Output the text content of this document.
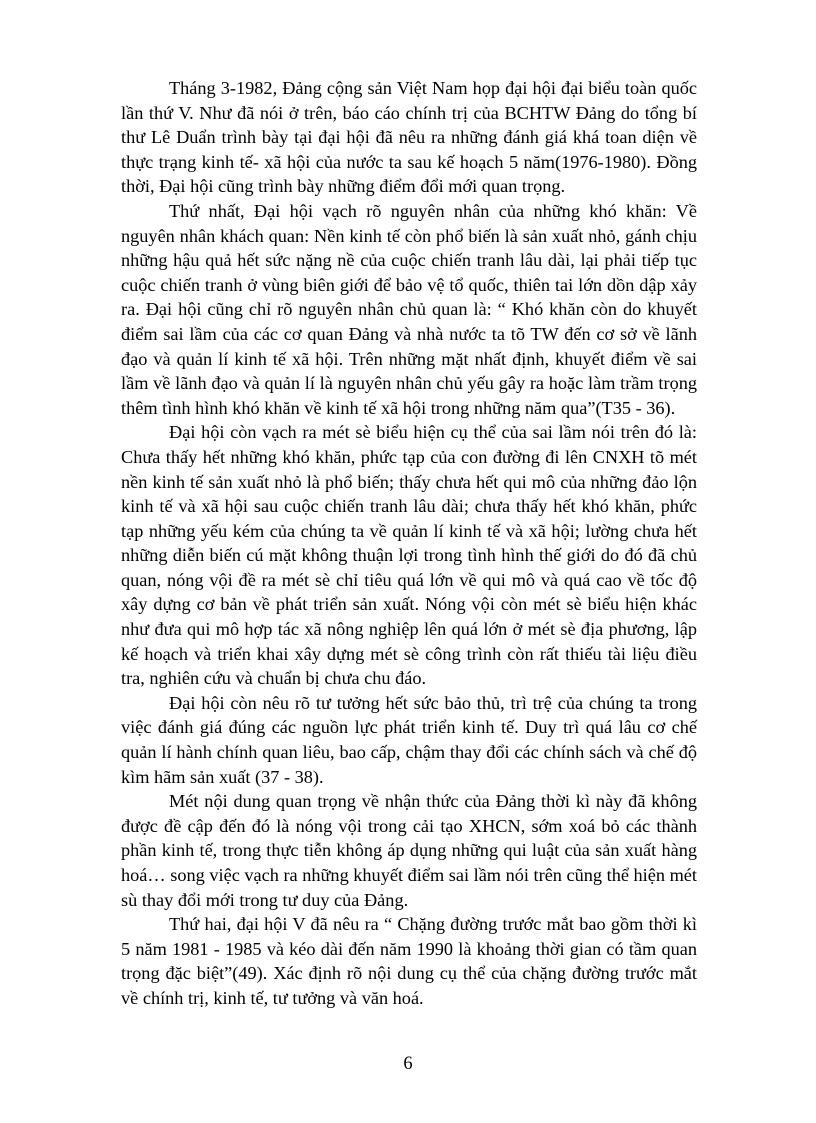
Tháng 3-1982, Đảng cộng sản Việt Nam họp đại hội đại biểu toàn quốc lần thứ V. Như đã nói ở trên, báo cáo chính trị của BCHTW Đảng do tổng bí thư Lê Duẩn trình bày tại đại hội đã nêu ra những đánh giá khá toan diện về thực trạng kinh tế- xã hội của nước ta sau kế hoạch 5 năm(1976-1980). Đồng thời, Đại hội cũng trình bày những điểm đổi mới quan trọng.

Thứ nhất, Đại hội vạch rõ nguyên nhân của những khó khăn: Về nguyên nhân khách quan: Nền kinh tế còn phổ biến là sản xuất nhỏ, gánh chịu những hậu quả hết sức nặng nề của cuộc chiến tranh lâu dài, lại phải tiếp tục cuộc chiến tranh ở vùng biên giới để bảo vệ tổ quốc, thiên tai lớn dồn dập xảy ra. Đại hội cũng chỉ rõ nguyên nhân chủ quan là: “ Khó khăn còn do khuyết điểm sai lầm của các cơ quan Đảng và nhà nước ta tõ TW đến cơ sở về lãnh đạo và quản lí kinh tế xã hội. Trên những mặt nhất định, khuyết điểm về sai lầm về lãnh đạo và quản lí là nguyên nhân chủ yếu gây ra hoặc làm trầm trọng thêm tình hình khó khăn về kinh tế xã hội trong những năm qua”(T35 - 36).

Đại hội còn vạch ra mét sè biểu hiện cụ thể của sai lầm nói trên đó là: Chưa thấy hết những khó khăn, phức tạp của con đường đi lên CNXH tõ mét nền kinh tế sản xuất nhỏ là phổ biến; thấy chưa hết qui mô của những đảo lộn kinh tế và xã hội sau cuộc chiến tranh lâu dài; chưa thấy hết khó khăn, phức tạp những yếu kém của chúng ta về quản lí kinh tế và xã hội; lường chưa hết những diễn biến cú mặt không thuận lợi trong tình hình thế giới do đó đã chủ quan, nóng vội đề ra mét sè chỉ tiêu quá lớn về qui mô và quá cao về tốc độ xây dựng cơ bản về phát triển sản xuất. Nóng vội còn mét sè biểu hiện khác như đưa qui mô hợp tác xã nông nghiệp lên quá lớn ở mét sè địa phương, lập kế hoạch và triển khai xây dựng mét sè công trình còn rất thiếu tài liệu điều tra, nghiên cứu và chuẩn bị chưa chu đáo.

Đại hội còn nêu rõ tư tưởng hết sức bảo thủ, trì trệ của chúng ta trong việc đánh giá đúng các nguồn lực phát triển kinh tế. Duy trì quá lâu cơ chế quản lí hành chính quan liêu, bao cấp, chậm thay đổi các chính sách và chế độ kìm hãm sản xuất (37 - 38).

Mét nội dung quan trọng về nhận thức của Đảng thời kì này đã không được đề cập đến đó là nóng vội trong cải tạo XHCN, sớm xoá bỏ các thành phần kinh tế, trong thực tiễn không áp dụng những qui luật của sản xuất hàng hoá… song việc vạch ra những khuyết điểm sai lầm nói trên cũng thể hiện mét sù thay đổi mới trong tư duy của Đảng.

Thứ hai, đại hội V đã nêu ra “ Chặng đường trước mắt bao gồm thời kì 5 năm 1981 - 1985 và kéo dài đến năm 1990 là khoảng thời gian có tầm quan trọng đặc biệt”(49). Xác định rõ nội dung cụ thể của chặng đường trước mắt về chính trị, kinh tế, tư tưởng và văn hoá.

6
